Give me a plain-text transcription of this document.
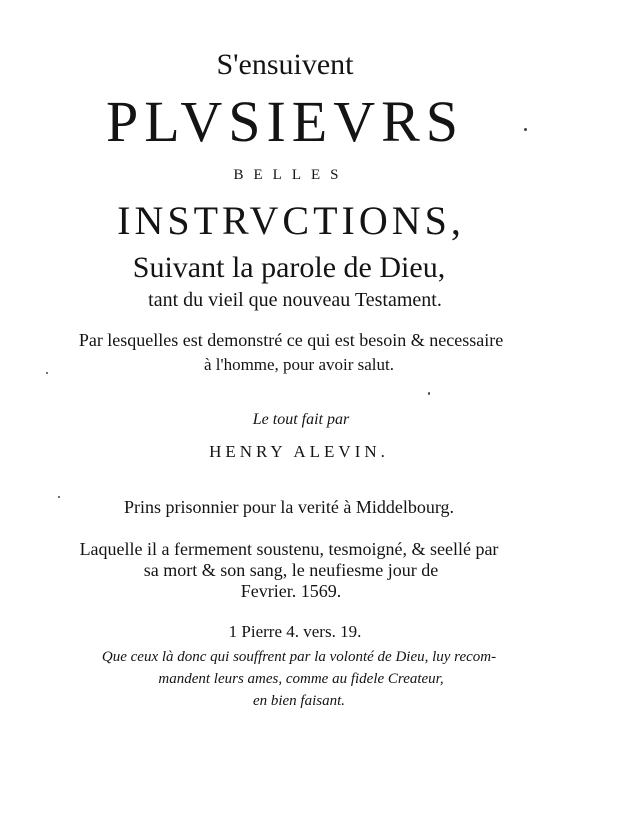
S'ensuivent
PLVSIEVRS
BELLES
INSTRVCTIONS,
Suivant la parole de Dieu,
tant du vieil que nouveau Testament.
Par lesquelles est demonstré ce qui est besoin & necessaire
à l'homme, pour avoir salut.
Le tout fait par
HENRY ALEVIN.
Prins prisonnier pour la verité à Middelbourg.
Laquelle il a fermement soustenu, tesmoigné, & seellé par
sa mort & son sang, le neufiesme jour de
Fevrier. 1569.
1 Pierre 4. vers. 19.
Que ceux là donc qui souffrent par la volonté de Dieu, luy recom-
mandent leurs ames, comme au fidele Createur,
en bien faisant.
